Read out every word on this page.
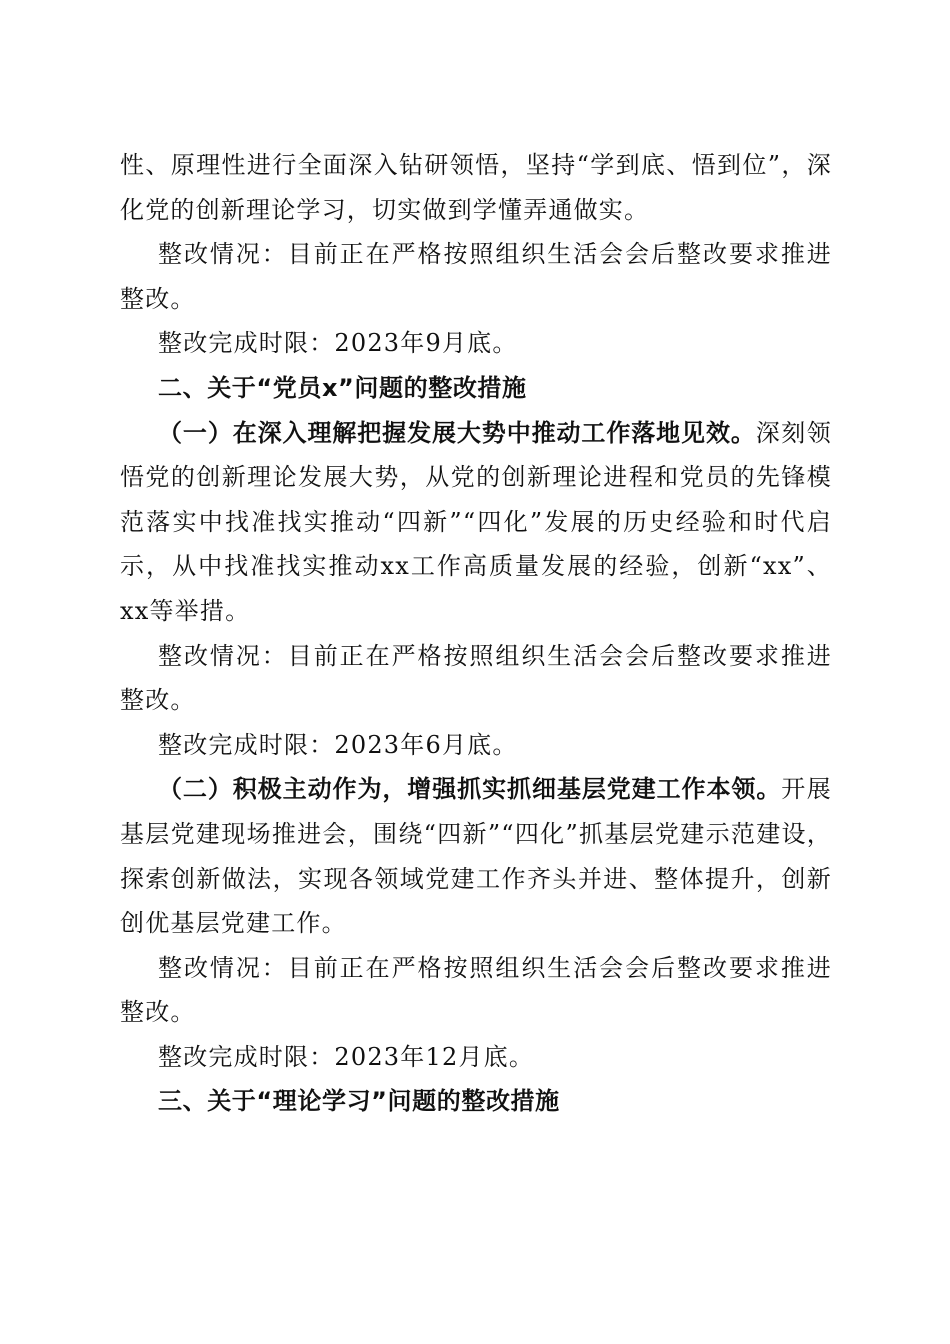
性、原理性进行全面深入钻研领悟，坚持“学到底、悟到位”，深化党的创新理论学习，切实做到学懂弄通做实。

整改情况：目前正在严格按照组织生活会会后整改要求推进整改。

整改完成时限：2023年9月底。

二、关于“党员x”问题的整改措施

（一）在深入理解把握发展大势中推动工作落地见效。深刻领悟党的创新理论发展大势，从党的创新理论进程和党员的先锋模范落实中找准找实推动“四新”“四化”发展的历史经验和时代启示，从中找准找实推动xx工作高质量发展的经验，创新“xx”、xx等举措。

整改情况：目前正在严格按照组织生活会会后整改要求推进整改。

整改完成时限：2023年6月底。

（二）积极主动作为，增强抓实抓细基层党建工作本领。开展基层党建现场推进会，围绕“四新”“四化”抓基层党建示范建设，探索创新做法，实现各领域党建工作齐头并进、整体提升，创新创优基层党建工作。

整改情况：目前正在严格按照组织生活会会后整改要求推进整改。

整改完成时限：2023年12月底。

三、关于“理论学习”问题的整改措施
